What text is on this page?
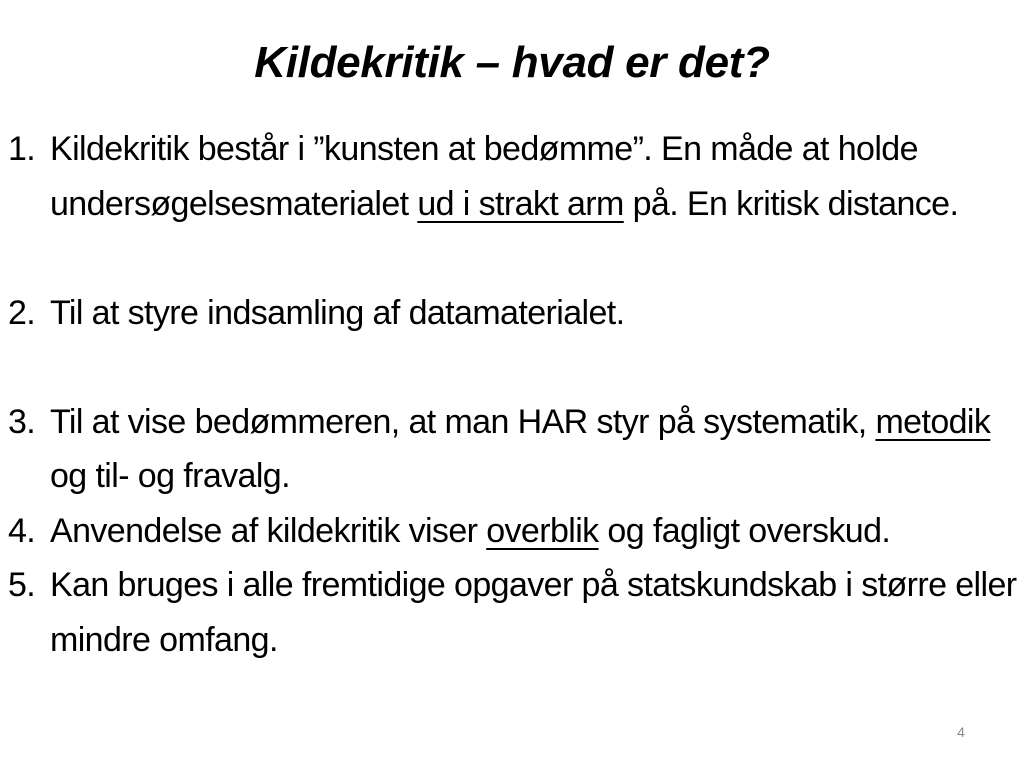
Kildekritik – hvad er det?
1. Kildekritik består i ”kunsten at bedømme”. En måde at holde undersøgelsesmaterialet ud i strakt arm på. En kritisk distance.
2. Til at styre indsamling af datamaterialet.
3. Til at vise bedømmeren, at man HAR styr på systematik, metodik og til- og fravalg.
4. Anvendelse af kildekritik viser overblik og fagligt overskud.
5. Kan bruges i alle fremtidige opgaver på statskundskab i større eller mindre omfang.
4
